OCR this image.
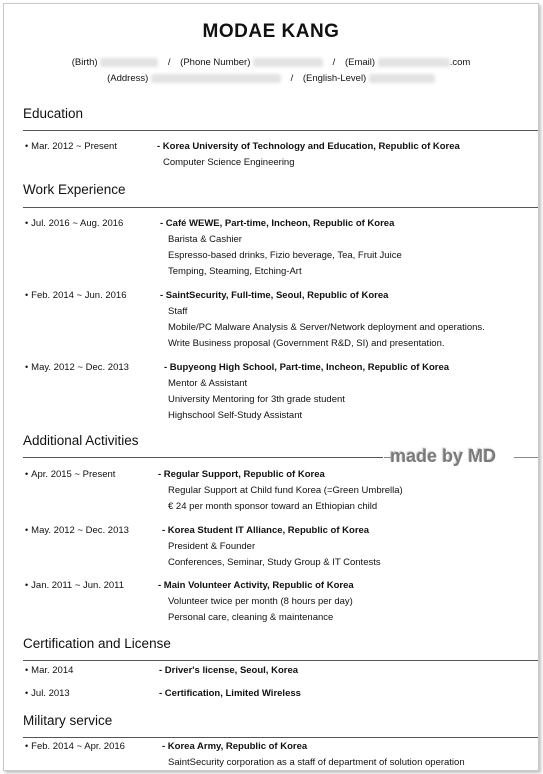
MODAE KANG
(Birth)	/ (Phone Number)	/ (Email)	.com
(Address)	/ (English-Level)
Education
• Mar. 2012 ~ Present	- Korea University of Technology and Education, Republic of Korea
Computer Science Engineering
Work Experience
• Jul. 2016 ~ Aug. 2016	- Café WEWE, Part-time, Incheon, Republic of Korea
Barista & Cashier
Espresso-based drinks, Fizio beverage, Tea, Fruit Juice
Temping, Steaming, Etching-Art
• Feb. 2014 ~ Jun. 2016	- SaintSecurity, Full-time, Seoul, Republic of Korea
Staff
Mobile/PC Malware Analysis & Server/Network deployment and operations.
Write Business proposal (Government R&D, SI) and presentation.
• May. 2012 ~ Dec. 2013	- Bupyeong High School, Part-time, Incheon, Republic of Korea
Mentor & Assistant
University Mentoring for 3th grade student
Highschool Self-Study Assistant
Additional Activities
made by MD
• Apr. 2015 ~ Present	- Regular Support, Republic of Korea
Regular Support at Child fund Korea (=Green Umbrella)
€ 24 per month sponsor toward an Ethiopian child
• May. 2012 ~ Dec. 2013	- Korea Student IT Alliance, Republic of Korea
President & Founder
Conferences, Seminar, Study Group & IT Contests
• Jan. 2011 ~ Jun. 2011	- Main Volunteer Activity, Republic of Korea
Volunteer twice per month (8 hours per day)
Personal care, cleaning & maintenance
Certification and License
• Mar. 2014	- Driver's license, Seoul, Korea
• Jul. 2013	- Certification, Limited Wireless
Military service
• Feb. 2014 ~ Apr. 2016	- Korea Army, Republic of Korea
SaintSecurity corporation as a staff of department of solution operation
